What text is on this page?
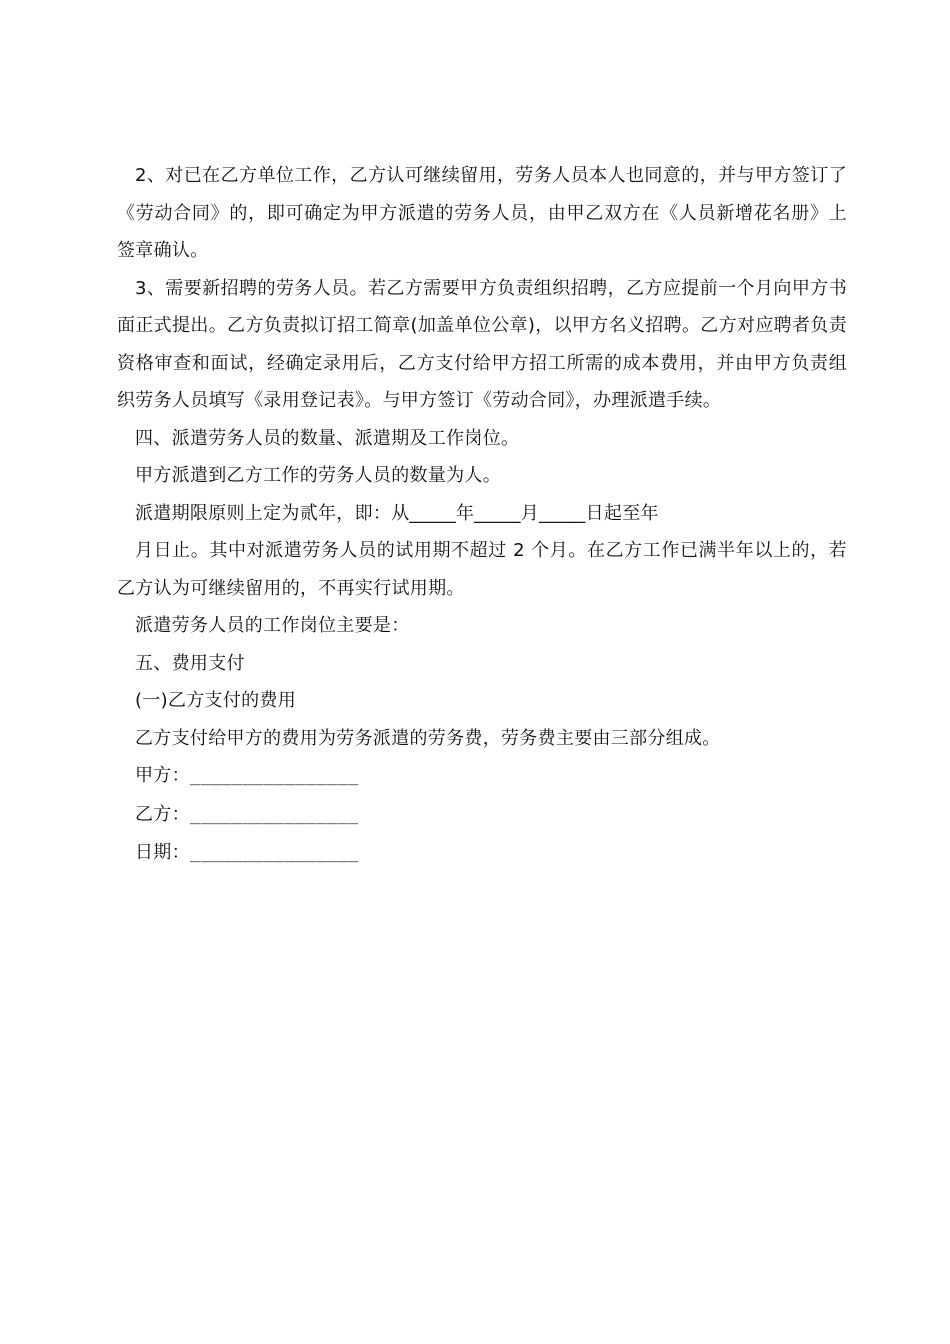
2、对已在乙方单位工作，乙方认可继续留用，劳务人员本人也同意的，并与甲方签订了《劳动合同》的，即可确定为甲方派遣的劳务人员，由甲乙双方在《人员新增花名册》上签章确认。

3、需要新招聘的劳务人员。若乙方需要甲方负责组织招聘，乙方应提前一个月向甲方书面正式提出。乙方负责拟订招工简章(加盖单位公章)，以甲方名义招聘。乙方对应聘者负责资格审查和面试，经确定录用后，乙方支付给甲方招工所需的成本费用，并由甲方负责组织劳务人员填写《录用登记表》。与甲方签订《劳动合同》，办理派遣手续。

四、派遣劳务人员的数量、派遣期及工作岗位。

甲方派遣到乙方工作的劳务人员的数量为人。

派遣期限原则上定为贰年，即：从_____年_____月_____日起至年

月日止。其中对派遣劳务人员的试用期不超过 2 个月。在乙方工作已满半年以上的，若乙方认为可继续留用的，不再实行试用期。

派遣劳务人员的工作岗位主要是：

五、费用支付

(一)乙方支付的费用

乙方支付给甲方的费用为劳务派遣的劳务费，劳务费主要由三部分组成。

甲方：________________

乙方：________________

日期：________________
